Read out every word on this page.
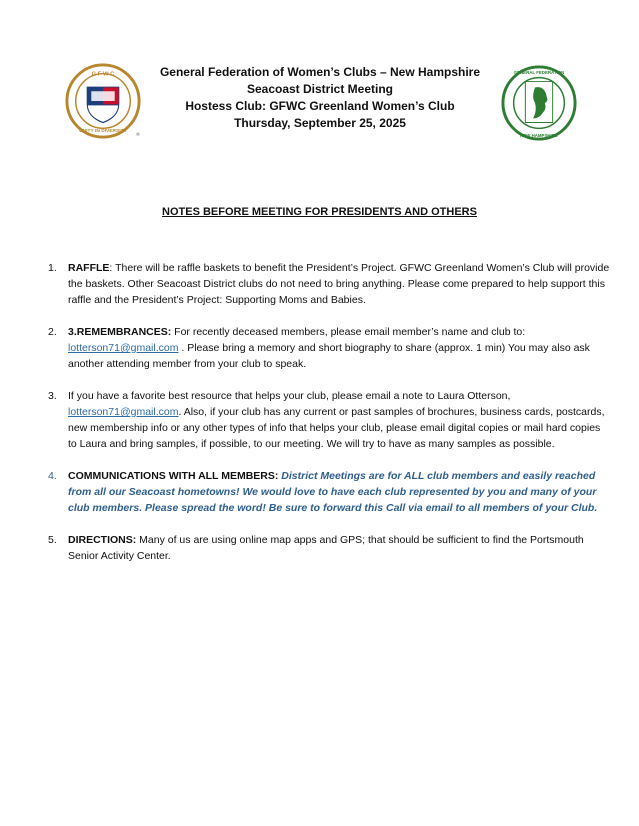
G F W C
UNITY IN DIVERSITY
®
GENERAL FEDERATION
NEW HAMPSHIRE
General Federation of Women’s Clubs – New Hampshire
Seacoast District Meeting
Hostess Club: GFWC Greenland Women’s Club
Thursday, September 25, 2025
NOTES BEFORE MEETING FOR PRESIDENTS AND OTHERS
1. RAFFLE: There will be raffle baskets to benefit the President’s Project. GFWC Greenland Women’s Club will provide the baskets. Other Seacoast District clubs do not need to bring anything. Please come prepared to help support this raffle and the President’s Project: Supporting Moms and Babies.
2. 3.REMEMBRANCES: For recently deceased members, please email member’s name and club to:
lotterson71@gmail.com . Please bring a memory and short biography to share (approx. 1 min) You may also ask another attending member from your club to speak.
3. If you have a favorite best resource that helps your club, please email a note to Laura Otterson,
lotterson71@gmail.com. Also, if your club has any current or past samples of brochures, business cards, postcards, new membership info or any other types of info that helps your club, please email digital copies or mail hard copies to Laura and bring samples, if possible, to our meeting. We will try to have as many samples as possible.
4. COMMUNICATIONS WITH ALL MEMBERS: District Meetings are for ALL club members and easily reached from all our Seacoast hometowns! We would love to have each club represented by you and many of your club members. Please spread the word! Be sure to forward this Call via email to all members of your Club.
5. DIRECTIONS: Many of us are using online map apps and GPS; that should be sufficient to find the Portsmouth Senior Activity Center.
